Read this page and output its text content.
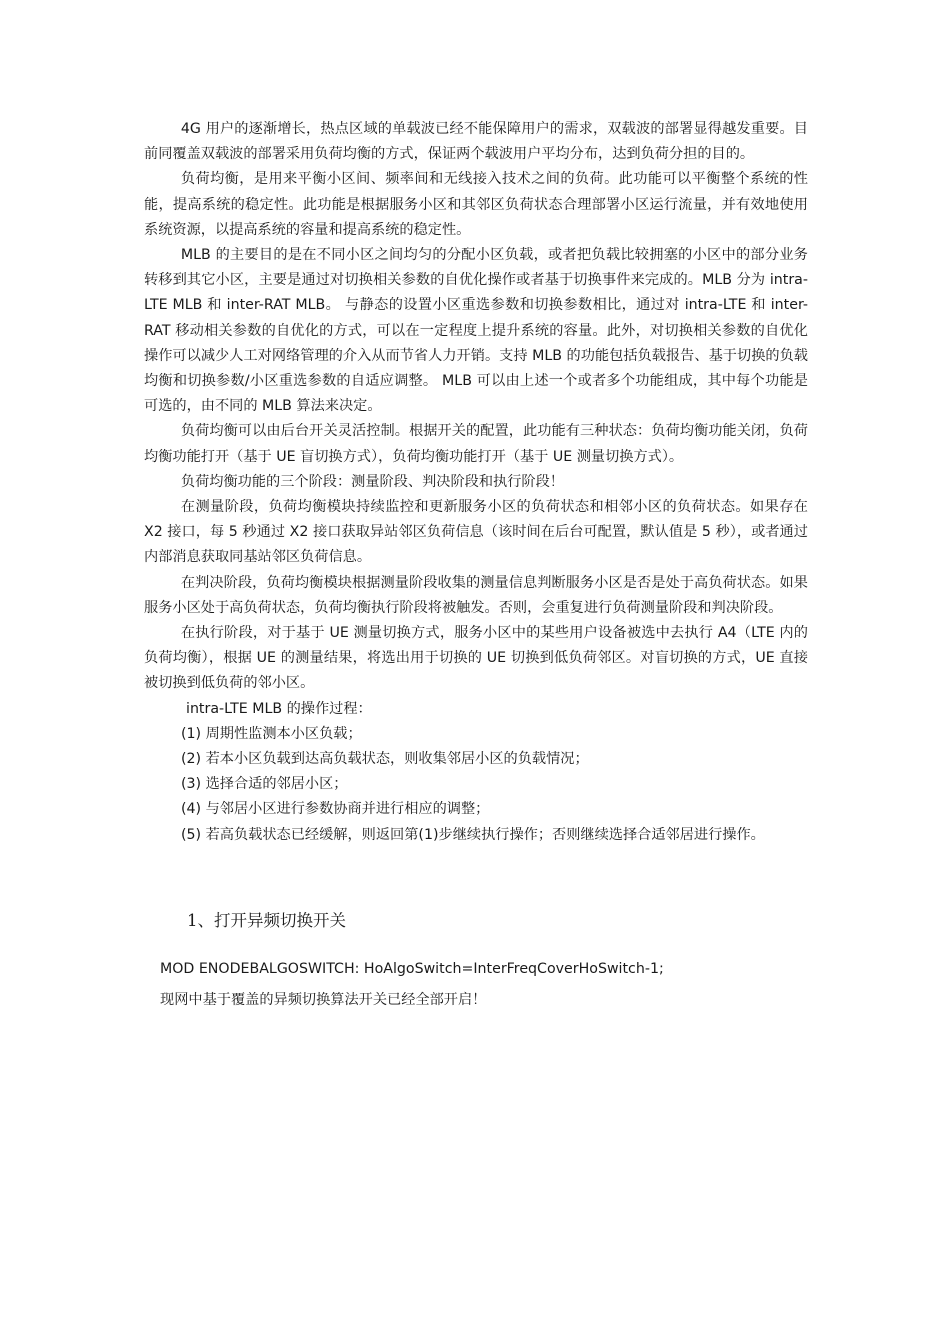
4G 用户的逐渐增长，热点区域的单载波已经不能保障用户的需求，双载波的部署显得越发重要。目前同覆盖双载波的部署采用负荷均衡的方式，保证两个载波用户平均分布，达到负荷分担的目的。

负荷均衡，是用来平衡小区间、频率间和无线接入技术之间的负荷。此功能可以平衡整个系统的性能，提高系统的稳定性。此功能是根据服务小区和其邻区负荷状态合理部署小区运行流量，并有效地使用系统资源，以提高系统的容量和提高系统的稳定性。

MLB 的主要目的是在不同小区之间均匀的分配小区负载，或者把负载比较拥塞的小区中的部分业务转移到其它小区，主要是通过对切换相关参数的自优化操作或者基于切换事件来完成的。MLB 分为 intra-LTE MLB 和 inter-RAT MLB。 与静态的设置小区重选参数和切换参数相比，通过对 intra-LTE 和 inter-RAT 移动相关参数的自优化的方式，可以在一定程度上提升系统的容量。此外，对切换相关参数的自优化操作可以减少人工对网络管理的介入从而节省人力开销。支持 MLB 的功能包括负载报告、基于切换的负载均衡和切换参数/小区重选参数的自适应调整。 MLB 可以由上述一个或者多个功能组成，其中每个功能是可选的，由不同的 MLB 算法来决定。

负荷均衡可以由后台开关灵活控制。根据开关的配置，此功能有三种状态：负荷均衡功能关闭，负荷均衡功能打开（基于 UE 盲切换方式），负荷均衡功能打开（基于 UE 测量切换方式）。

负荷均衡功能的三个阶段：测量阶段、判决阶段和执行阶段！

在测量阶段，负荷均衡模块持续监控和更新服务小区的负荷状态和相邻小区的负荷状态。如果存在 X2 接口，每 5 秒通过 X2 接口获取异站邻区负荷信息（该时间在后台可配置，默认值是 5 秒），或者通过内部消息获取同基站邻区负荷信息。

在判决阶段，负荷均衡模块根据测量阶段收集的测量信息判断服务小区是否是处于高负荷状态。如果服务小区处于高负荷状态，负荷均衡执行阶段将被触发。否则，会重复进行负荷测量阶段和判决阶段。

在执行阶段，对于基于 UE 测量切换方式，服务小区中的某些用户设备被选中去执行 A4（LTE 内的负荷均衡），根据 UE 的测量结果，将选出用于切换的 UE 切换到低负荷邻区。对盲切换的方式，UE 直接被切换到低负荷的邻小区。

intra-LTE MLB 的操作过程：

(1) 周期性监测本小区负载；

(2) 若本小区负载到达高负载状态，则收集邻居小区的负载情况；

(3) 选择合适的邻居小区；

(4) 与邻居小区进行参数协商并进行相应的调整；

(5) 若高负载状态已经缓解，则返回第(1)步继续执行操作；否则继续选择合适邻居进行操作。

1、打开异频切换开关
MOD ENODEBALGOSWITCH: HoAlgoSwitch=InterFreqCoverHoSwitch-1;
现网中基于覆盖的异频切换算法开关已经全部开启！
